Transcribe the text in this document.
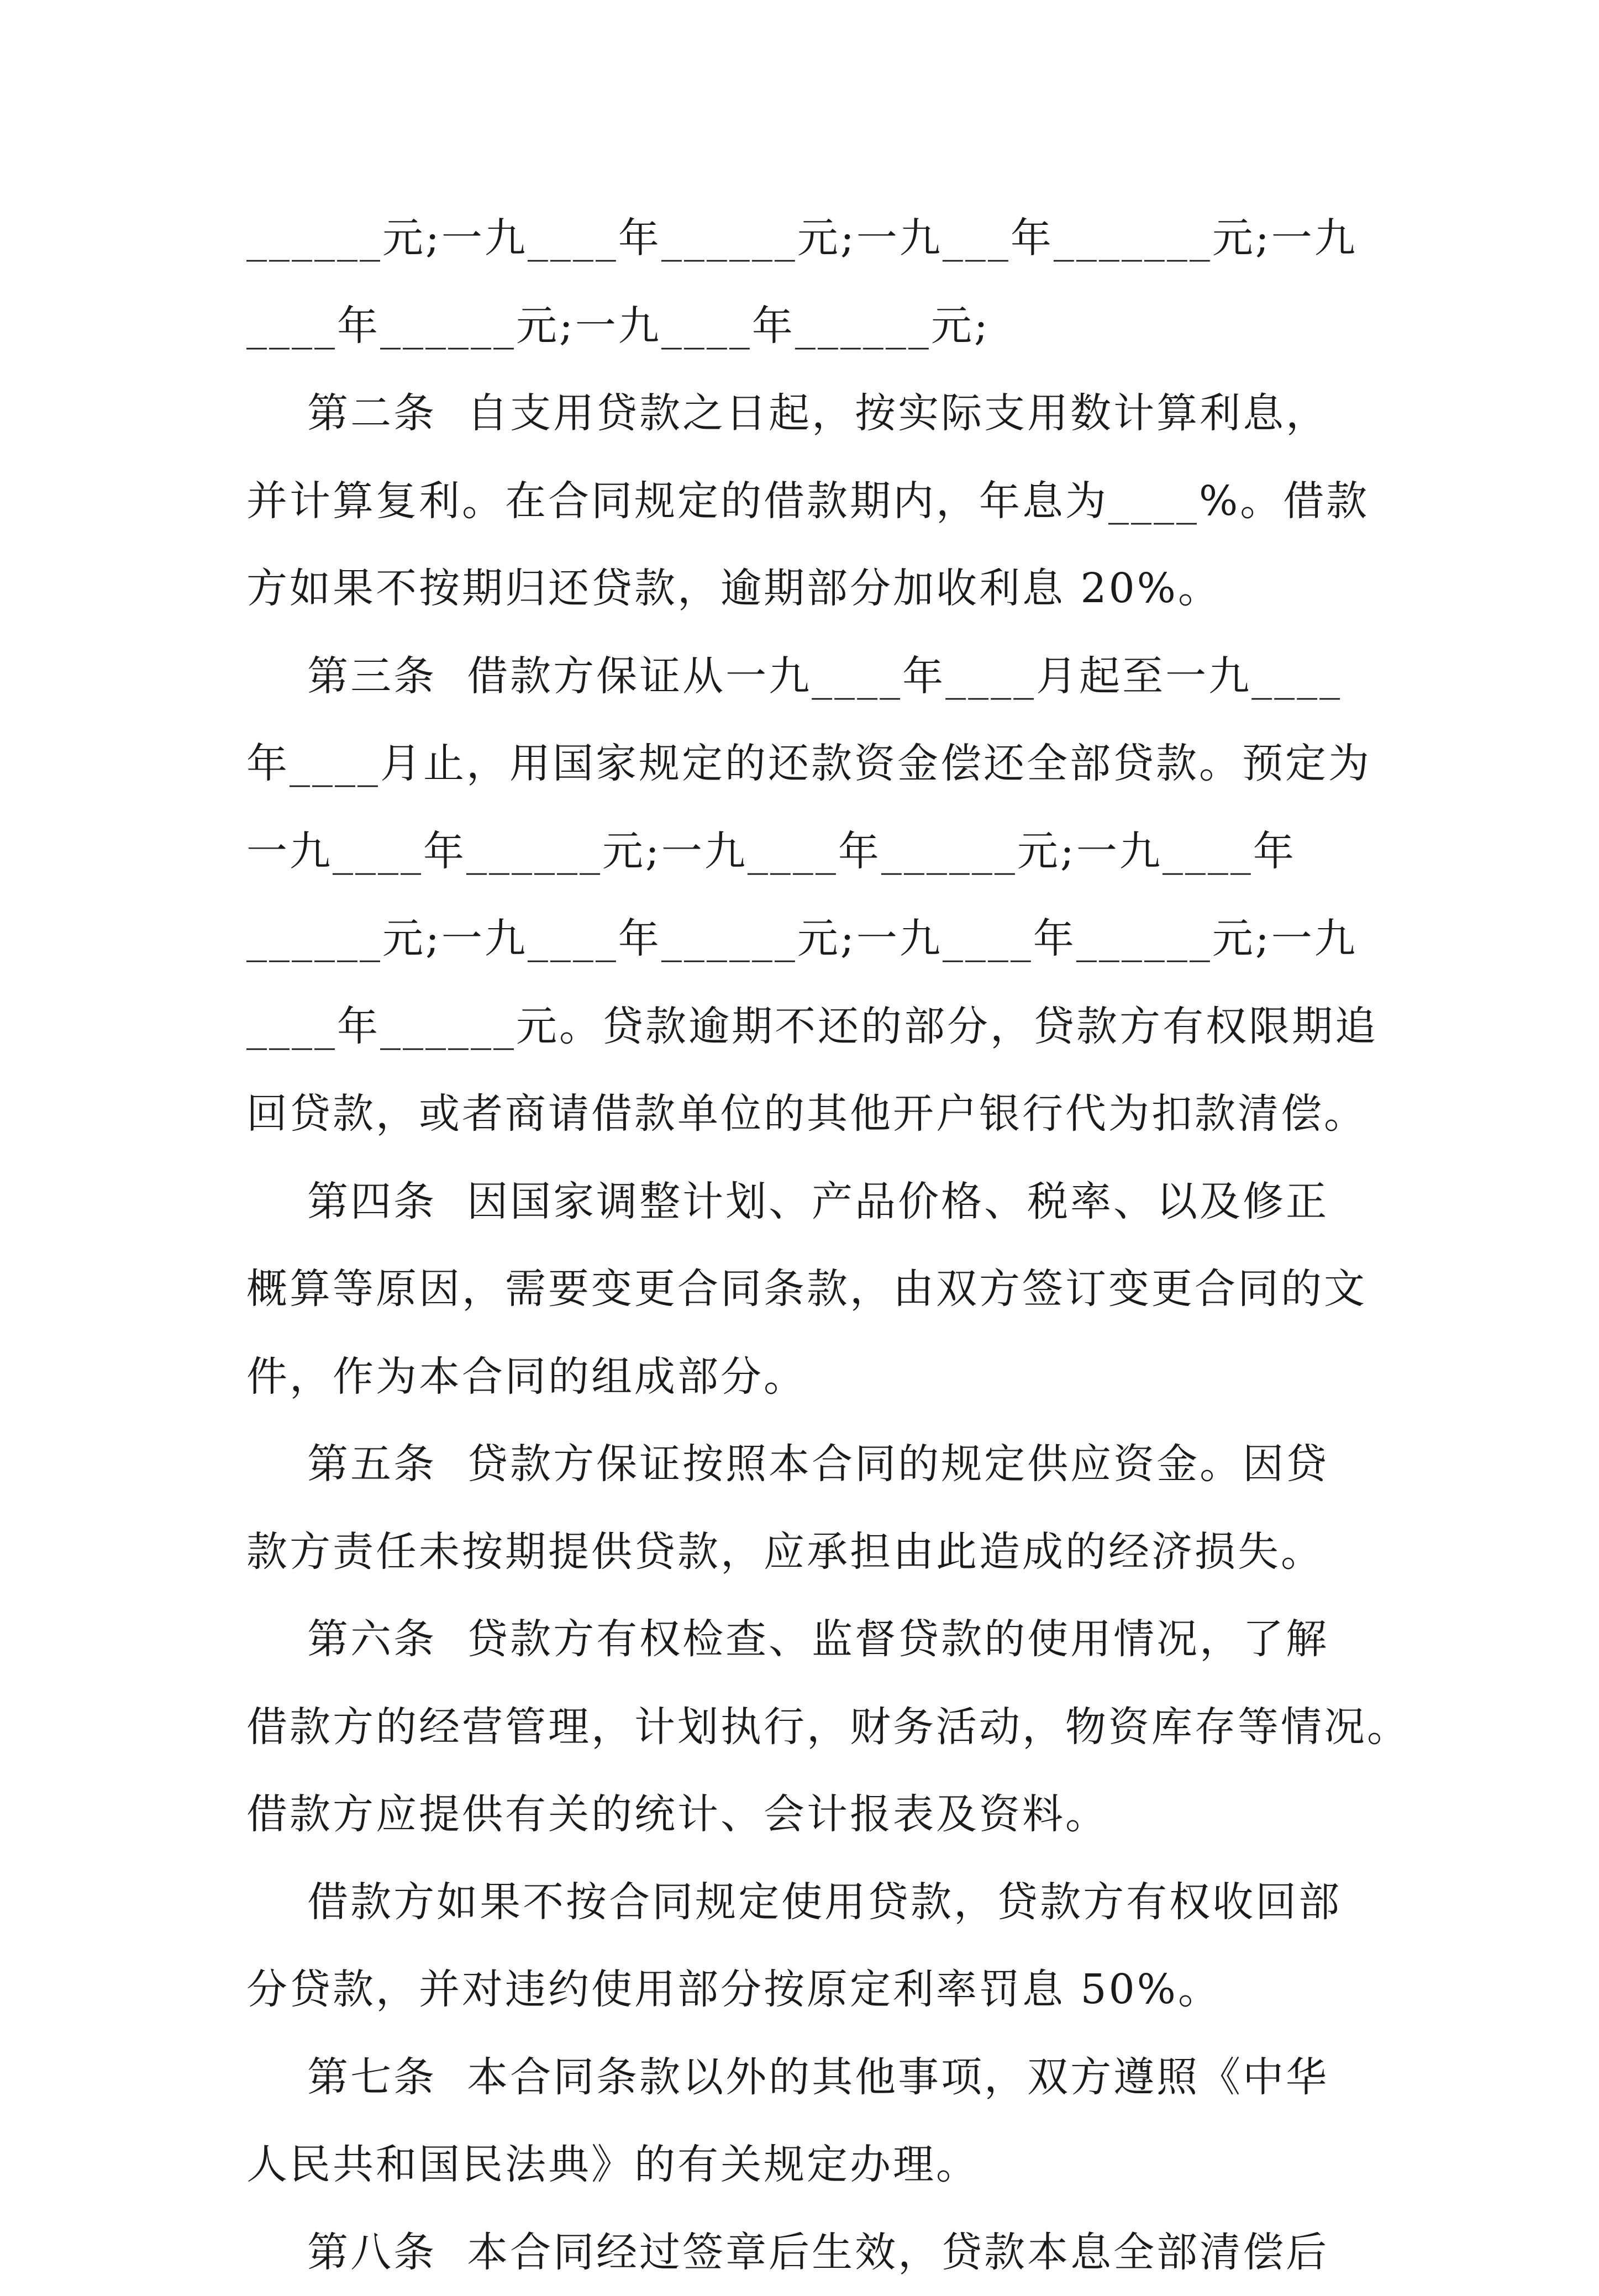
______元;一九____年______元;一九___年_______元;一九
____年______元;一九____年______元;
第二条  自支用贷款之日起，按实际支用数计算利息，
并计算复利。在合同规定的借款期内，年息为____%。借款
方如果不按期归还贷款，逾期部分加收利息 20%。
第三条  借款方保证从一九____年____月起至一九____
年____月止，用国家规定的还款资金偿还全部贷款。预定为
一九____年______元;一九____年______元;一九____年
______元;一九____年______元;一九____年______元;一九
____年______元。贷款逾期不还的部分，贷款方有权限期追
回贷款，或者商请借款单位的其他开户银行代为扣款清偿。
第四条  因国家调整计划、产品价格、税率、以及修正
概算等原因，需要变更合同条款，由双方签订变更合同的文
件，作为本合同的组成部分。
第五条  贷款方保证按照本合同的规定供应资金。因贷
款方责任未按期提供贷款，应承担由此造成的经济损失。
第六条  贷款方有权检查、监督贷款的使用情况，了解
借款方的经营管理，计划执行，财务活动，物资库存等情况。
借款方应提供有关的统计、会计报表及资料。
借款方如果不按合同规定使用贷款，贷款方有权收回部
分贷款，并对违约使用部分按原定利率罚息 50%。
第七条  本合同条款以外的其他事项，双方遵照《中华
人民共和国民法典》的有关规定办理。
第八条  本合同经过签章后生效，贷款本息全部清偿后
